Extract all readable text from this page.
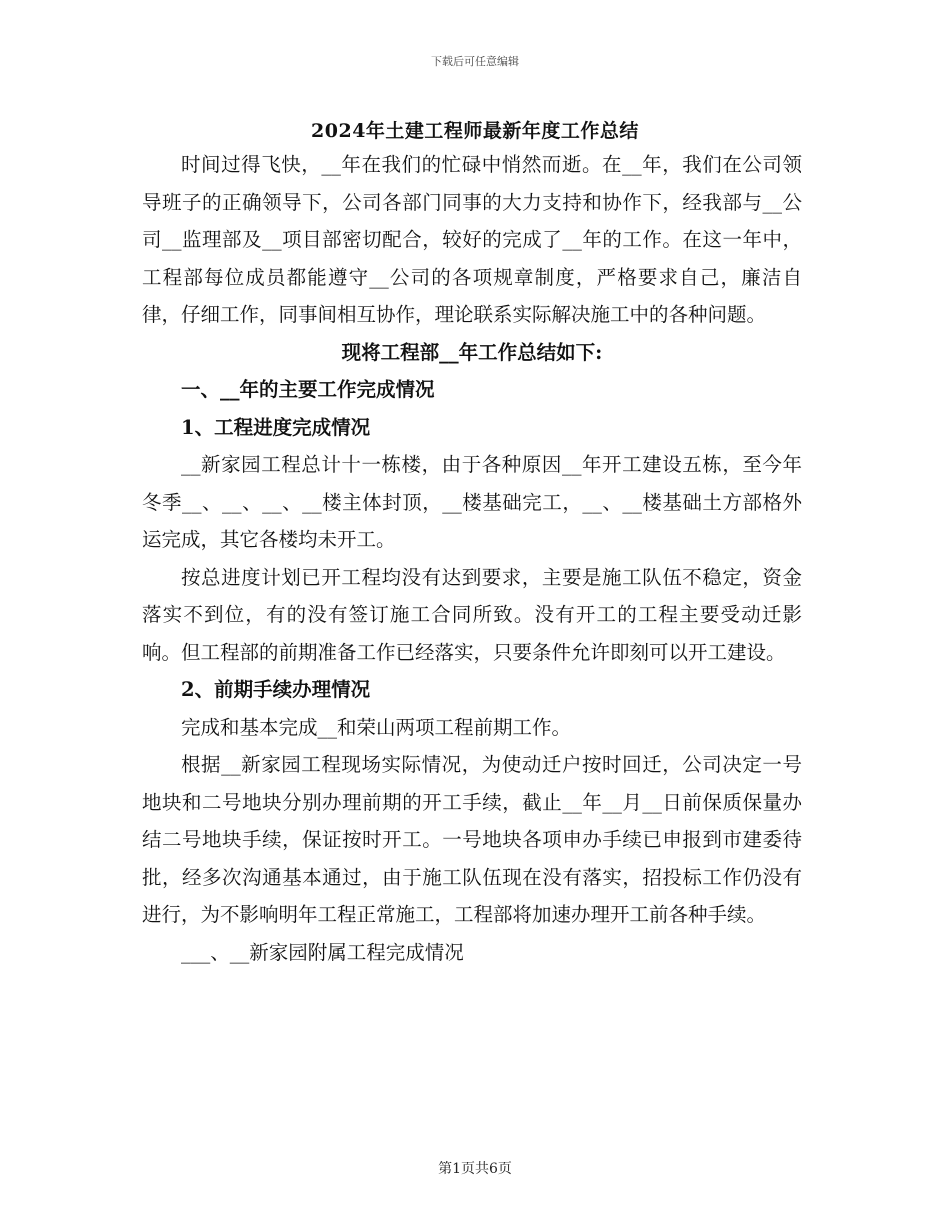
下载后可任意编辑
2024年土建工程师最新年度工作总结

时间过得飞快，__年在我们的忙碌中悄然而逝。在__年，我们在公司领导班子的正确领导下，公司各部门同事的大力支持和协作下，经我部与__公司__监理部及__项目部密切配合，较好的完成了__年的工作。在这一年中，工程部每位成员都能遵守__公司的各项规章制度，严格要求自己，廉洁自律，仔细工作，同事间相互协作，理论联系实际解决施工中的各种问题。

现将工程部__年工作总结如下:

一、__年的主要工作完成情况

1、工程进度完成情况

__新家园工程总计十一栋楼，由于各种原因__年开工建设五栋，至今年冬季__、__、__、__楼主体封顶，__楼基础完工，__、__楼基础土方部格外运完成，其它各楼均未开工。

按总进度计划已开工程均没有达到要求，主要是施工队伍不稳定，资金落实不到位，有的没有签订施工合同所致。没有开工的工程主要受动迁影响。但工程部的前期准备工作已经落实，只要条件允许即刻可以开工建设。

2、前期手续办理情况

完成和基本完成__和荣山两项工程前期工作。

根据__新家园工程现场实际情况，为使动迁户按时回迁，公司决定一号地块和二号地块分别办理前期的开工手续，截止__年__月__日前保质保量办结二号地块手续，保证按时开工。一号地块各项申办手续已申报到市建委待批，经多次沟通基本通过，由于施工队伍现在没有落实，招投标工作仍没有进行，为不影响明年工程正常施工，工程部将加速办理开工前各种手续。

___、__新家园附属工程完成情况

第1页共6页
